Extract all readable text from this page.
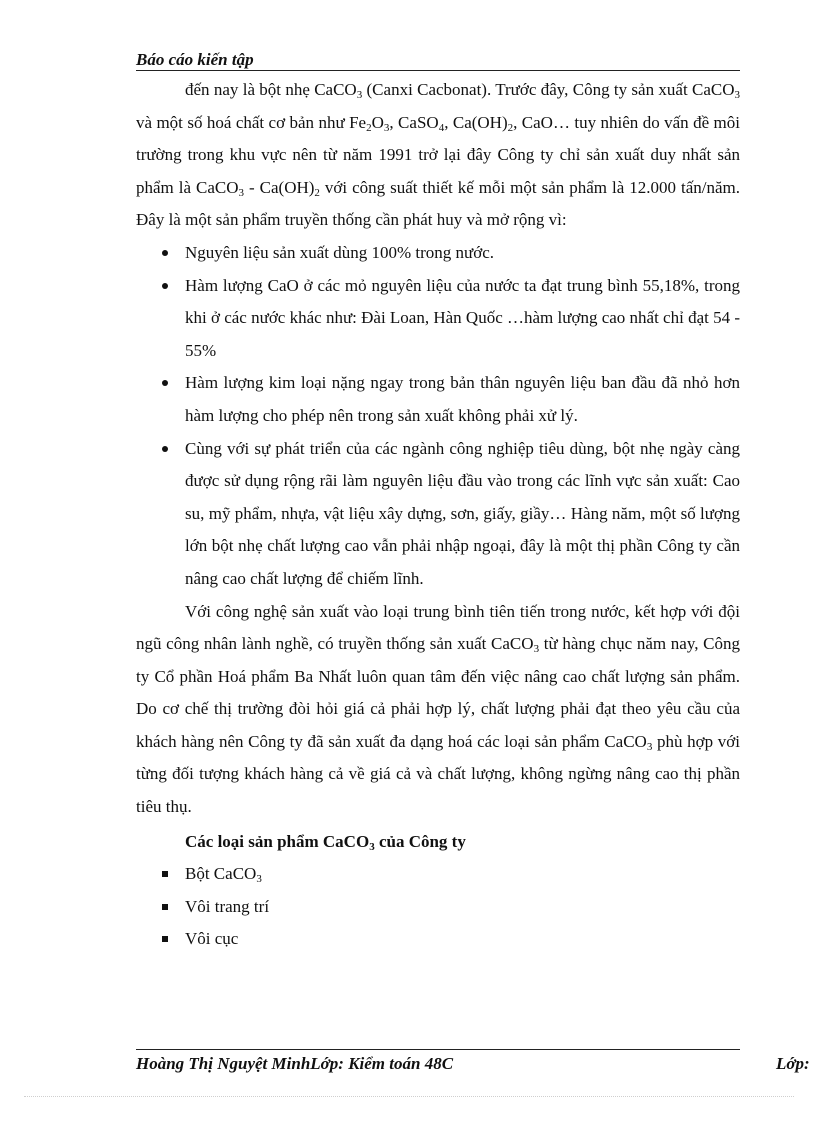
Báo cáo kiến tập

đến nay là bột nhẹ CaCO$_3$ (Canxi Cacbonat). Trước đây, Công ty sản xuất CaCO$_3$ và một số hoá chất cơ bản như $Fe_2O_3$, CaSO$_4$, $Ca(OH)_2$, CaO… tuy nhiên do vấn đề môi trường trong khu vực nên từ năm 1991 trở lại đây Công ty chỉ sản xuất duy nhất sản phẩm là CaCO$_3$ - $Ca(OH)_2$ với công suất thiết kế mỗi một sản phẩm là 12.000 tấn/năm. Đây là một sản phẩm truyền thống cần phát huy và mở rộng vì:

Nguyên liệu sản xuất dùng 100% trong nước.
Hàm lượng CaO ở các mỏ nguyên liệu của nước ta đạt trung bình 55,18%, trong khi ở các nước khác như: Đài Loan, Hàn Quốc …hàm lượng cao nhất chỉ đạt 54 - 55%
Hàm lượng kim loại nặng ngay trong bản thân nguyên liệu ban đầu đã nhỏ hơn hàm lượng cho phép nên trong sản xuất không phải xử lý.
Cùng với sự phát triển của các ngành công nghiệp tiêu dùng, bột nhẹ ngày càng được sử dụng rộng rãi làm nguyên liệu đầu vào trong các lĩnh vực sản xuất: Cao su, mỹ phẩm, nhựa, vật liệu xây dựng, sơn, giấy, giầy… Hàng năm, một số lượng lớn bột nhẹ chất lượng cao vẫn phải nhập ngoại, đây là một thị phần Công ty cần nâng cao chất lượng để chiếm lĩnh.

Với công nghệ sản xuất vào loại trung bình tiên tiến trong nước, kết hợp với đội ngũ công nhân lành nghề, có truyền thống sản xuất CaCO$_3$ từ hàng chục năm nay, Công ty Cổ phần Hoá phẩm Ba Nhất luôn quan tâm đến việc nâng cao chất lượng sản phẩm. Do cơ chế thị trường đòi hỏi giá cả phải hợp lý, chất lượng phải đạt theo yêu cầu của khách hàng nên Công ty đã sản xuất đa dạng hoá các loại sản phẩm CaCO$_3$ phù hợp với từng đối tượng khách hàng cả về giá cả và chất lượng, không ngừng nâng cao thị phần tiêu thụ.

Các loại sản phẩm CaCO$_3$ của Công ty

Bột CaCO$_3$
Vôi trang trí
Vôi cục
Hoàng Thị Nguyệt MinhLớp: Kiểm toán 48C	Lớp:
